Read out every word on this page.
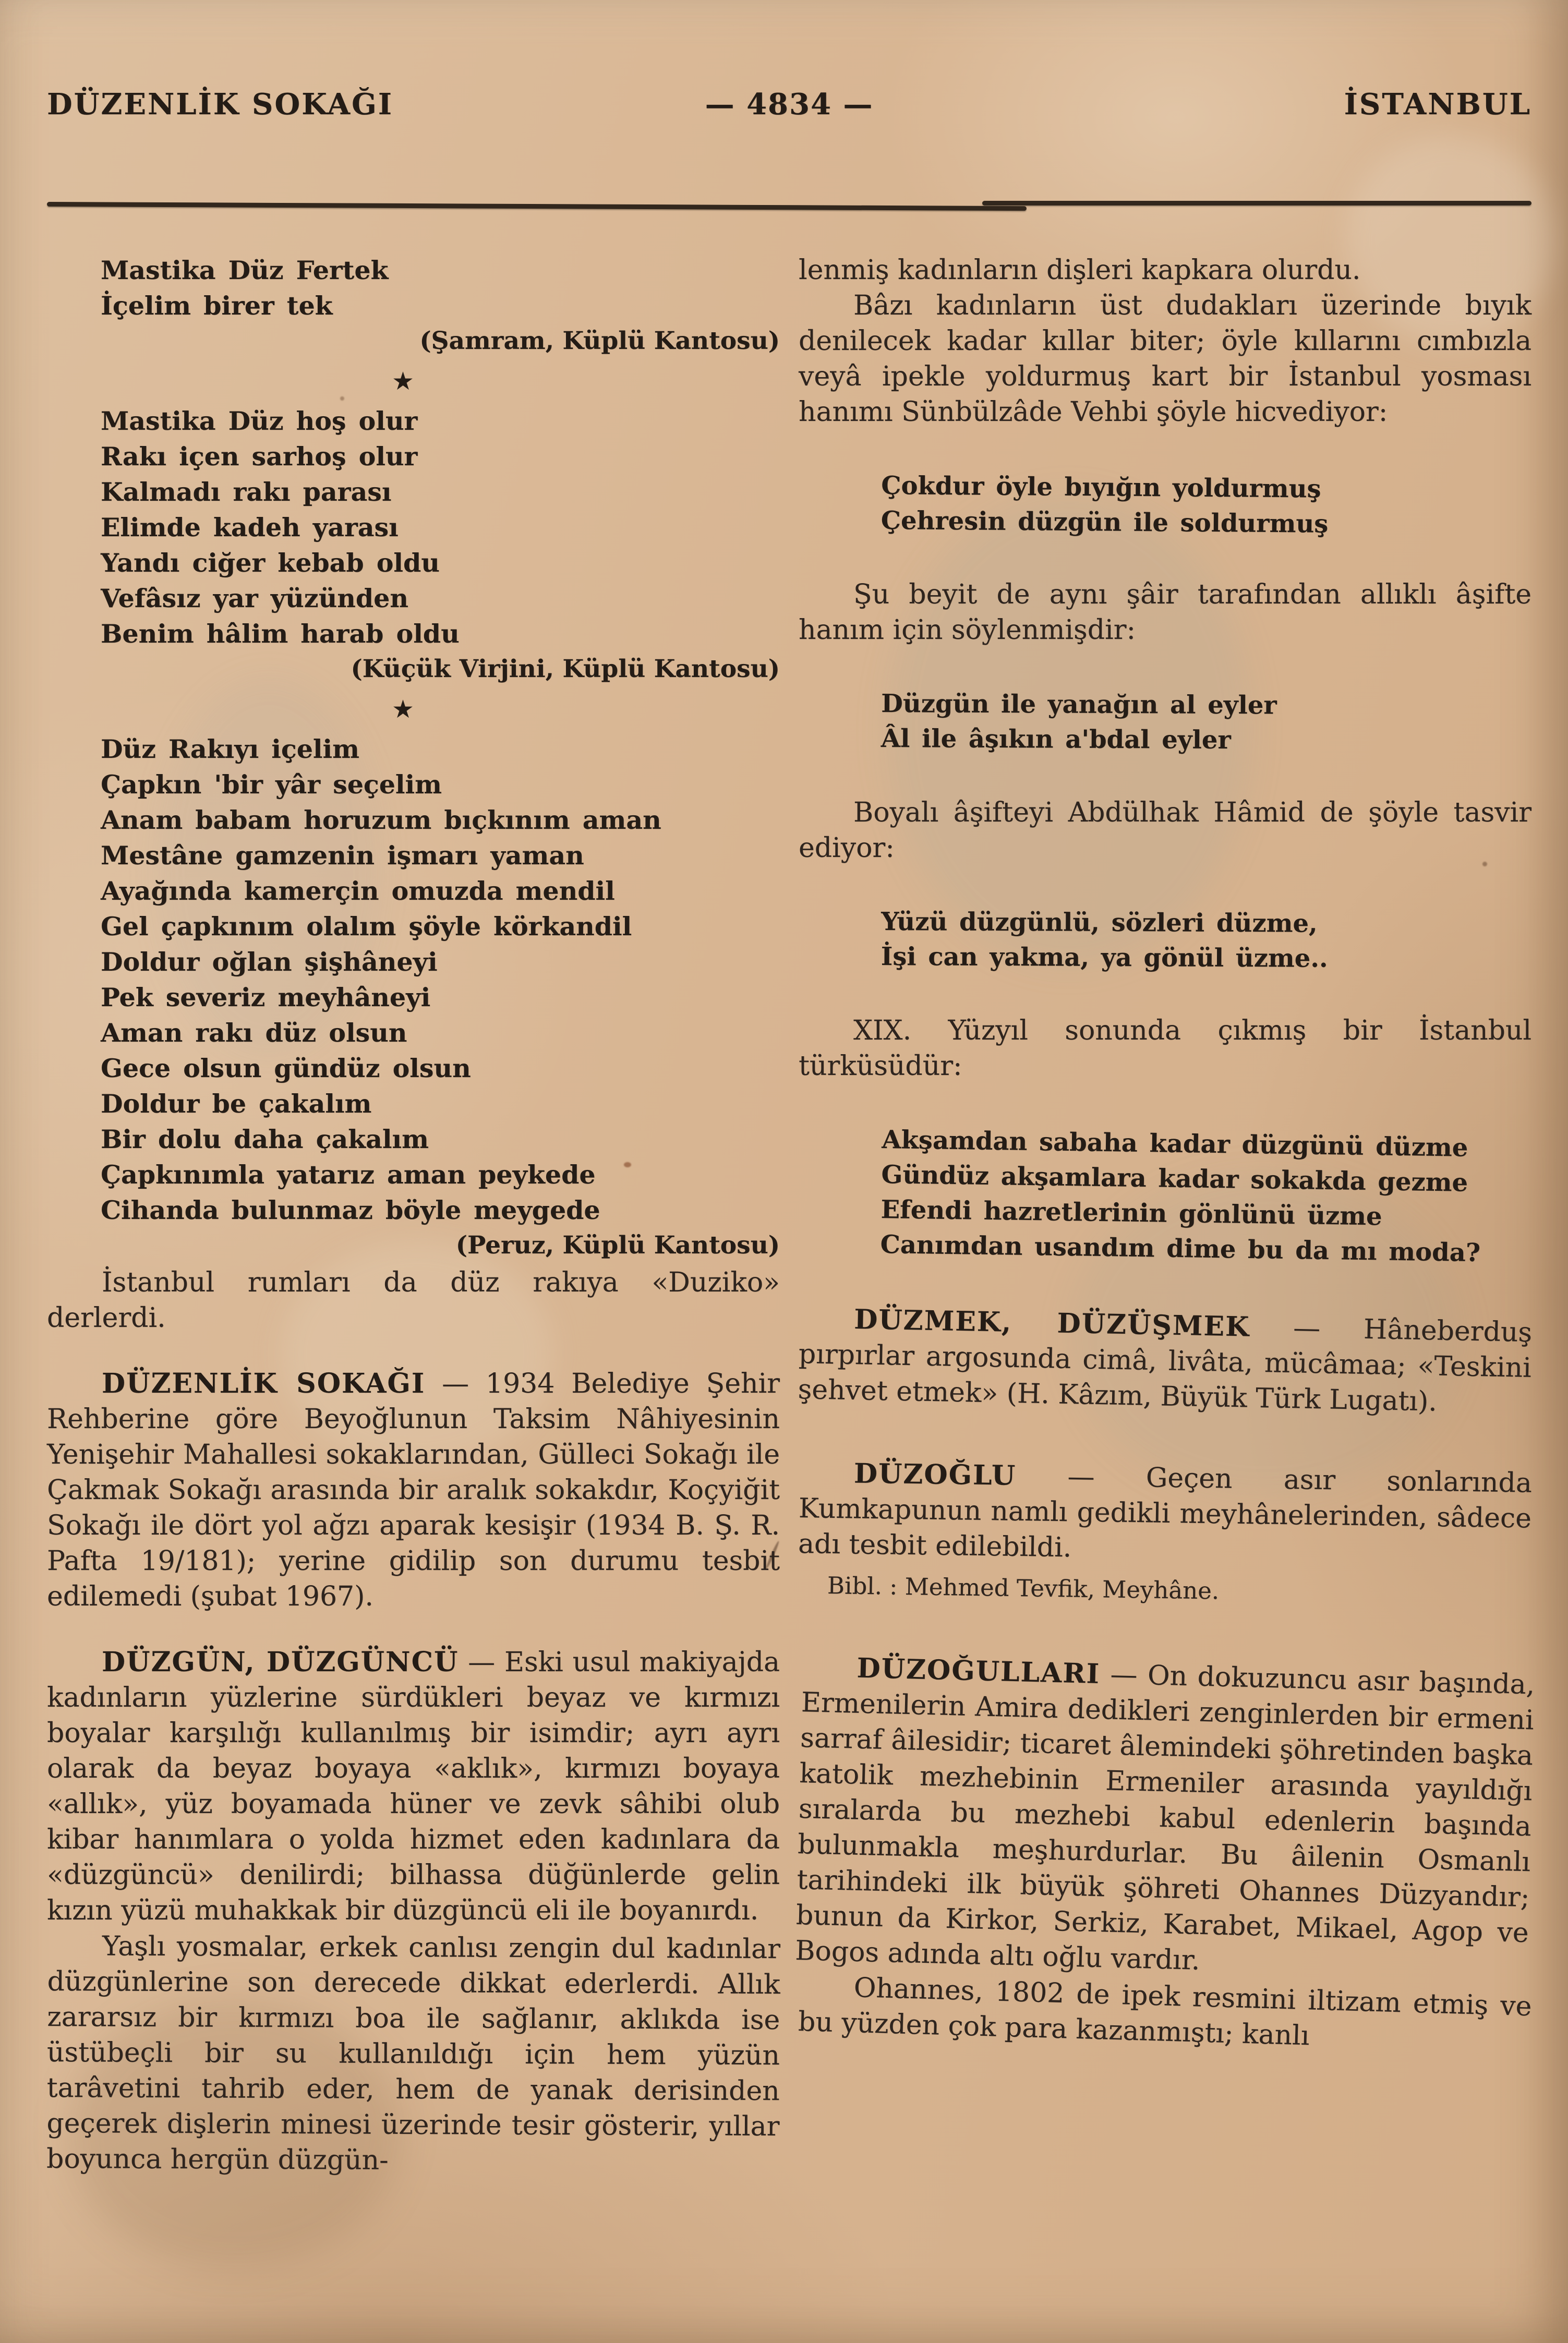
DÜZENLİK SOKAĞI	— 4834 —	İSTANBUL
Mastika Düz Fertek
İçelim birer tek
(Şamram, Küplü Kantosu)
★
Mastika Düz hoş olur
Rakı içen sarhoş olur
Kalmadı rakı parası
Elimde kadeh yarası
Yandı ciğer kebab oldu
Vefâsız yar yüzünden
Benim hâlim harab oldu
(Küçük Virjini, Küplü Kantosu)
★
Düz Rakıyı içelim
Çapkın 'bir yâr seçelim
Anam babam horuzum bıçkınım aman
Mestâne gamzenin işmarı yaman
Ayağında kamerçin omuzda mendil
Gel çapkınım olalım şöyle körkandil
Doldur oğlan şişhâneyi
Pek severiz meyhâneyi
Aman rakı düz olsun
Gece olsun gündüz olsun
Doldur be çakalım
Bir dolu daha çakalım
Çapkınımla yatarız aman peykede
Cihanda bulunmaz böyle meygede
(Peruz, Küplü Kantosu)

İstanbul rumları da düz rakıya «Duziko» derlerdi.

DÜZENLİK SOKAĞI — 1934 Belediye Şehir Rehberine göre Beyoğlunun Taksim Nâhiyesinin Yenişehir Mahallesi sokaklarından, Gülleci Sokağı ile Çakmak Sokağı arasında bir aralık sokakdır, Koçyiğit Sokağı ile dört yol ağzı aparak kesişir (1934 B. Ş. R. Pafta 19/181); yerine gidilip son durumu tesbit edilemedi (şubat 1967).

DÜZGÜN, DÜZGÜNCÜ — Eski usul makiyajda kadınların yüzlerine sürdükleri beyaz ve kırmızı boyalar karşılığı kullanılmış bir isimdir; ayrı ayrı olarak da beyaz boyaya «aklık», kırmızı boyaya «allık», yüz boyamada hüner ve zevk sâhibi olub kibar hanımlara o yolda hizmet eden kadınlara da «düzgüncü» denilirdi; bilhassa düğünlerde gelin kızın yüzü muhakkak bir düzgüncü eli ile boyanırdı.

Yaşlı yosmalar, erkek canlısı zengin dul kadınlar düzgünlerine son derecede dikkat ederlerdi. Allık zararsız bir kırmızı boa ile sağlanır, aklıkda ise üstübeçli bir su kullanıldığı için hem yüzün tarâvetini tahrib eder, hem de yanak derisinden geçerek dişlerin minesi üzerinde tesir gösterir, yıllar boyunca hergün düzgün-

lenmiş kadınların dişleri kapkara olurdu.

Bâzı kadınların üst dudakları üzerinde bıyık denilecek kadar kıllar biter; öyle kıllarını cımbızla veyâ ipekle yoldurmuş kart bir İstanbul yosması hanımı Sünbülzâde Vehbi şöyle hicvediyor:

Çokdur öyle bıyığın yoldurmuş
Çehresin düzgün ile soldurmuş

Şu beyit de aynı şâir tarafından allıklı âşifte hanım için söylenmişdir:

Düzgün ile yanağın al eyler
Âl ile âşıkın a'bdal eyler

Boyalı âşifteyi Abdülhak Hâmid de şöyle tasvir ediyor:

Yüzü düzgünlü, sözleri düzme,
İşi can yakma, ya gönül üzme..

XIX. Yüzyıl sonunda çıkmış bir İstanbul türküsüdür:

Akşamdan sabaha kadar düzgünü düzme
Gündüz akşamlara kadar sokakda gezme
Efendi hazretlerinin gönlünü üzme
Canımdan usandım dime bu da mı moda?

DÜZMEK, DÜZÜŞMEK — Hâneberduş pırpırlar argosunda cimâ, livâta, mücâmaa; «Teskini şehvet etmek» (H. Kâzım, Büyük Türk Lugatı).

DÜZOĞLU — Geçen asır sonlarında Kumkapunun namlı gedikli meyhânelerinden, sâdece adı tesbit edilebildi.

Bibl. : Mehmed Tevfik, Meyhâne.

DÜZOĞULLARI — On dokuzuncu asır başında, Ermenilerin Amira dedikleri zenginlerden bir ermeni sarraf âilesidir; ticaret âlemindeki şöhretinden başka katolik mezhebinin Ermeniler arasında yayıldığı sıralarda bu mezhebi kabul edenlerin başında bulunmakla meşhurdurlar. Bu âilenin Osmanlı tarihindeki ilk büyük şöhreti Ohannes Düzyandır; bunun da Kirkor, Serkiz, Karabet, Mikael, Agop ve Bogos adında altı oğlu vardır.

Ohannes, 1802 de ipek resmini iltizam etmiş ve bu yüzden çok para kazanmıştı; kanlı
